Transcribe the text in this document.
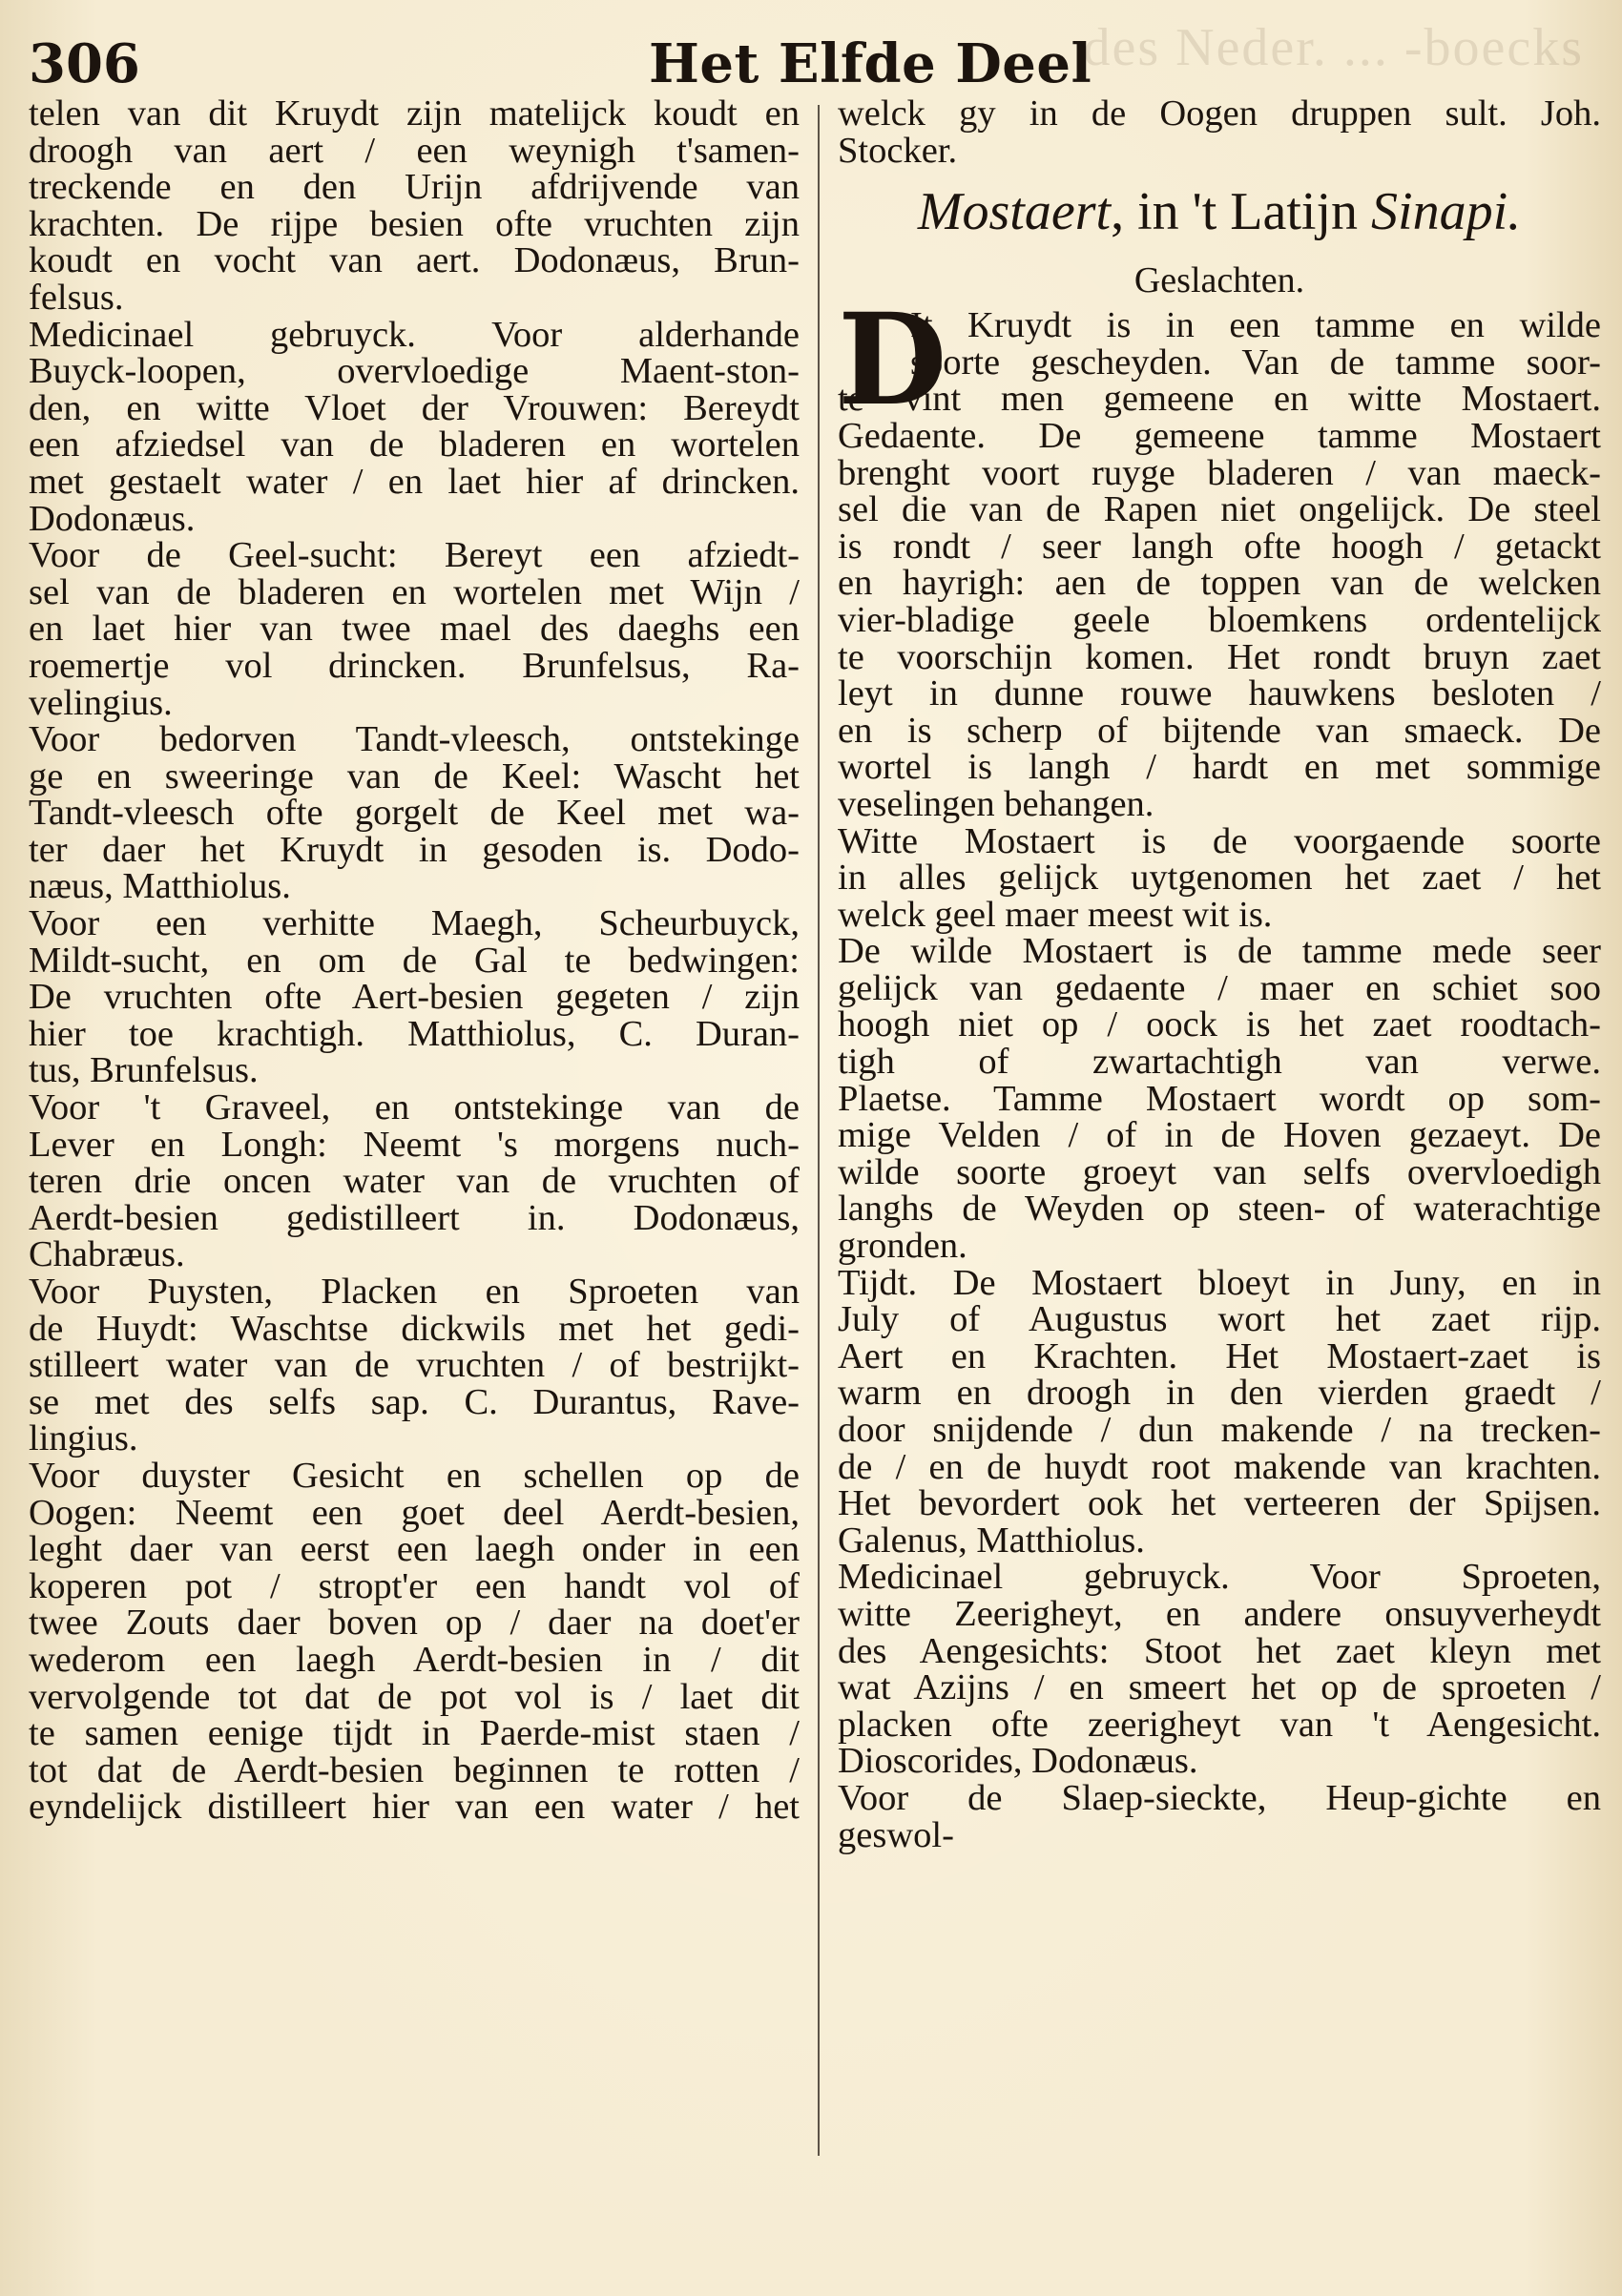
des Neder. ... -boecks
306	Het Elfde Deel
telen van dit Kruydt zijn matelijck koudt en
droogh van aert / een weynigh t'samen-
treckende en den Urijn afdrijvende van
krachten. De rijpe besien ofte vruchten zijn
koudt en vocht van aert. Dodonæus, Brun-
felsus.
Medicinael gebruyck. Voor alderhande
Buyck-loopen, overvloedige Maent-ston-
den, en witte Vloet der Vrouwen: Bereydt
een afziedsel van de bladeren en wortelen
met gestaelt water / en laet hier af drincken.
Dodonæus.
Voor de Geel-sucht: Bereyt een afziedt-
sel van de bladeren en wortelen met Wijn /
en laet hier van twee mael des daeghs een
roemertje vol drincken. Brunfelsus, Ra-
velingius.
Voor bedorven Tandt-vleesch, ontstekinge
ge en sweeringe van de Keel: Wascht het
Tandt-vleesch ofte gorgelt de Keel met wa-
ter daer het Kruydt in gesoden is. Dodo-
næus, Matthiolus.
Voor een verhitte Maegh, Scheurbuyck,
Mildt-sucht, en om de Gal te bedwingen:
De vruchten ofte Aert-besien gegeten / zijn
hier toe krachtigh. Matthiolus, C. Duran-
tus, Brunfelsus.
Voor 't Graveel, en ontstekinge van de
Lever en Longh: Neemt 's morgens nuch-
teren drie oncen water van de vruchten of
Aerdt-besien gedistilleert in. Dodonæus,
Chabræus.
Voor Puysten, Placken en Sproeten van
de Huydt: Waschtse dickwils met het gedi-
stilleert water van de vruchten / of bestrijkt-
se met des selfs sap. C. Durantus, Rave-
lingius.
Voor duyster Gesicht en schellen op de
Oogen: Neemt een goet deel Aerdt-besien,
leght daer van eerst een laegh onder in een
koperen pot / stropt'er een handt vol of
twee Zouts daer boven op / daer na doet'er
wederom een laegh Aerdt-besien in / dit
vervolgende tot dat de pot vol is / laet dit
te samen eenige tijdt in Paerde-mist staen /
tot dat de Aerdt-besien beginnen te rotten /
eyndelijck distilleert hier van een water / het
welck gy in de Oogen druppen sult. Joh.
Stocker.
Mostaert, in 't Latijn Sinapi.
Geslachten.
D
It Kruydt is in een tamme en wilde
soorte gescheyden. Van de tamme soor-
te vint men gemeene en witte Mostaert.
Gedaente. De gemeene tamme Mostaert
brenght voort ruyge bladeren / van maeck-
sel die van de Rapen niet ongelijck. De steel
is rondt / seer langh ofte hoogh / getackt
en hayrigh: aen de toppen van de welcken
vier-bladige geele bloemkens ordentelijck
te voorschijn komen. Het rondt bruyn zaet
leyt in dunne rouwe hauwkens besloten /
en is scherp of bijtende van smaeck. De
wortel is langh / hardt en met sommige
veselingen behangen.
Witte Mostaert is de voorgaende soorte
in alles gelijck uytgenomen het zaet / het
welck geel maer meest wit is.
De wilde Mostaert is de tamme mede seer
gelijck van gedaente / maer en schiet soo
hoogh niet op / oock is het zaet roodtach-
tigh of zwartachtigh van verwe.
Plaetse. Tamme Mostaert wordt op som-
mige Velden / of in de Hoven gezaeyt. De
wilde soorte groeyt van selfs overvloedigh
langhs de Weyden op steen- of waterachtige
gronden.
Tijdt. De Mostaert bloeyt in Juny, en in
July of Augustus wort het zaet rijp.
Aert en Krachten. Het Mostaert-zaet is
warm en droogh in den vierden graedt /
door snijdende / dun makende / na trecken-
de / en de huydt root makende van krachten.
Het bevordert ook het verteeren der Spijsen.
Galenus, Matthiolus.
Medicinael gebruyck. Voor Sproeten,
witte Zeerigheyt, en andere onsuyverheydt
des Aengesichts: Stoot het zaet kleyn met
wat Azijns / en smeert het op de sproeten /
placken ofte zeerigheyt van 't Aengesicht.
Dioscorides, Dodonæus.
Voor de Slaep-sieckte, Heup-gichte en
geswol-
